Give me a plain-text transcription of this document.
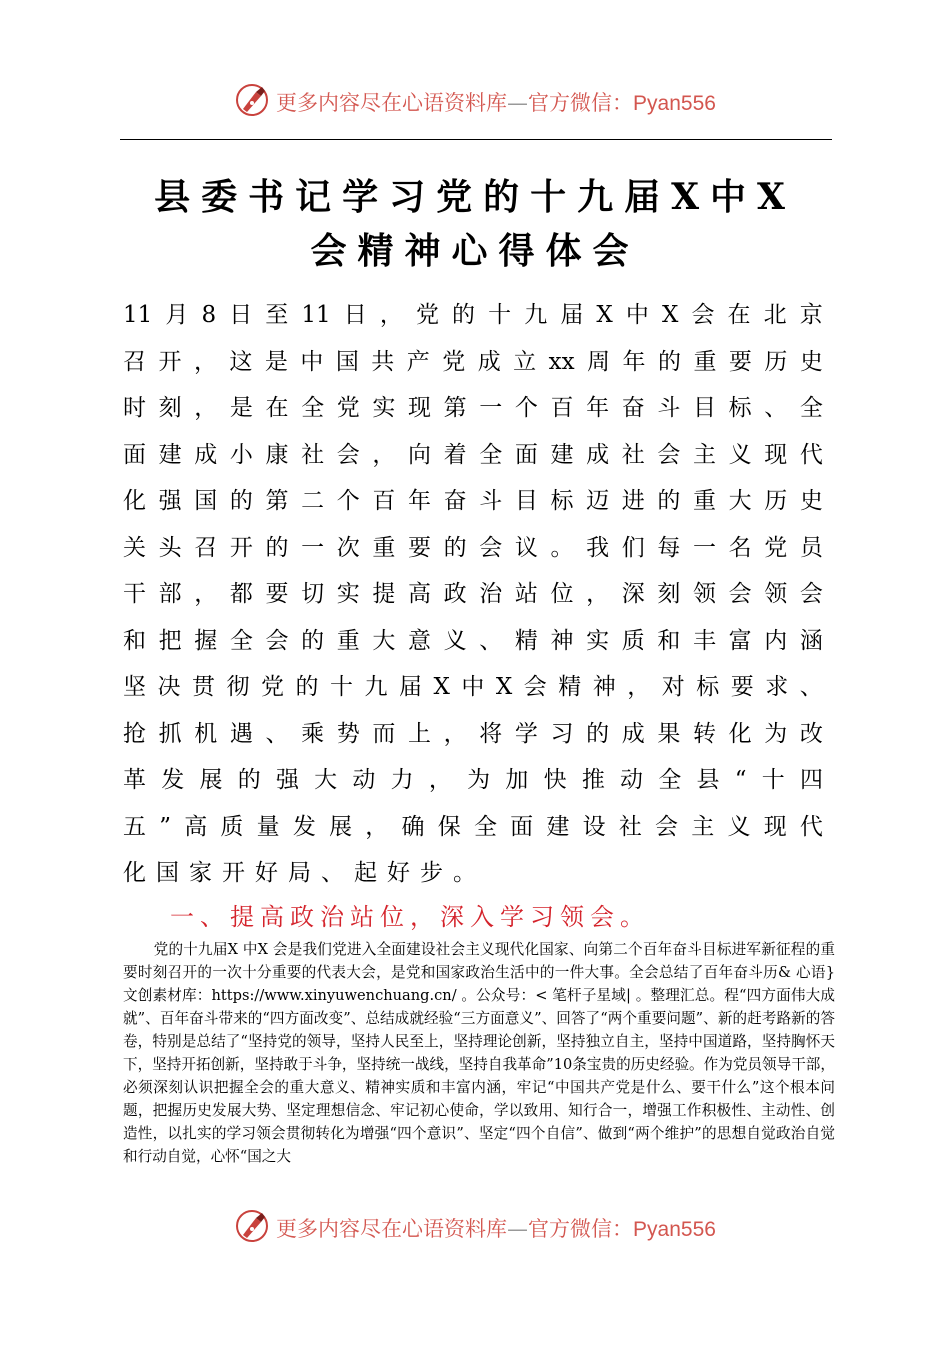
更多内容尽在心语资料库—官方微信：Pyan556
县委书记学习党的十九届X中X
会精神心得体会
11 月 8 日 至 11 日 ， 党 的 十 九 届 X 中 X 会 在 北 京
召 开 ， 这 是 中 国 共 产 党 成 立 xx 周 年 的 重 要 历 史
时 刻 ， 是 在 全 党 实 现 第 一 个 百 年 奋 斗 目 标 、 全
面 建 成 小 康 社 会 ， 向 着 全 面 建 成 社 会 主 义 现 代
化 强 国 的 第 二 个 百 年 奋 斗 目 标 迈 进 的 重 大 历 史
关 头 召 开 的 一 次 重 要 的 会 议 。 我 们 每 一 名 党 员
干 部 ， 都 要 切 实 提 高 政 治 站 位 ， 深 刻 领 会 领 会
和 把 握 全 会 的 重 大 意 义 、 精 神 实 质 和 丰 富 内 涵
坚 决 贯 彻 党 的 十 九 届 X 中 X 会 精 神 ， 对 标 要 求 、
抢 抓 机 遇 、 乘 势 而 上 ， 将 学 习 的 成 果 转 化 为 改
革 发 展 的 强 大 动 力 ， 为 加 快 推 动 全 县 “ 十 四
五 ” 高 质 量 发 展 ， 确 保 全 面 建 设 社 会 主 义 现 代
化国家开好局、起好步。
一、提高政治站位，深入学习领会。

党的十九届X 中X 会是我们党进入全面建设社会主义现代化国家、向第二个百年奋斗目标进军新征程的重要时刻召开的一次十分重要的代表大会，是党和国家政治生活中的一件大事。全会总结了百年奋斗历& 心语} 文创素材库：https://www.xinyuwenchuang.cn/ 。公众号：< 笔杆子星域| 。整理汇总。程“四方面伟大成就”、百年奋斗带来的“四方面改变”、总结成就经验“三方面意义”、回答了“两个重要问题”、新的赶考路新的答卷，特别是总结了“坚持党的领导，坚持人民至上，坚持理论创新，坚持独立自主，坚持中国道路，坚持胸怀天下，坚持开拓创新，坚持敢于斗争，坚持统一战线，坚持自我革命”10条宝贵的历史经验。作为党员领导干部，必须深刻认识把握全会的重大意义、精神实质和丰富内涵，牢记“中国共产党是什么、要干什么”这个根本问题，把握历史发展大势、坚定理想信念、牢记初心使命，学以致用、知行合一，增强工作积极性、主动性、创造性，以扎实的学习领会贯彻转化为增强“四个意识”、坚定“四个自信”、做到“两个维护”的思想自觉政治自觉和行动自觉，心怀“国之大

更多内容尽在心语资料库—官方微信：Pyan556
